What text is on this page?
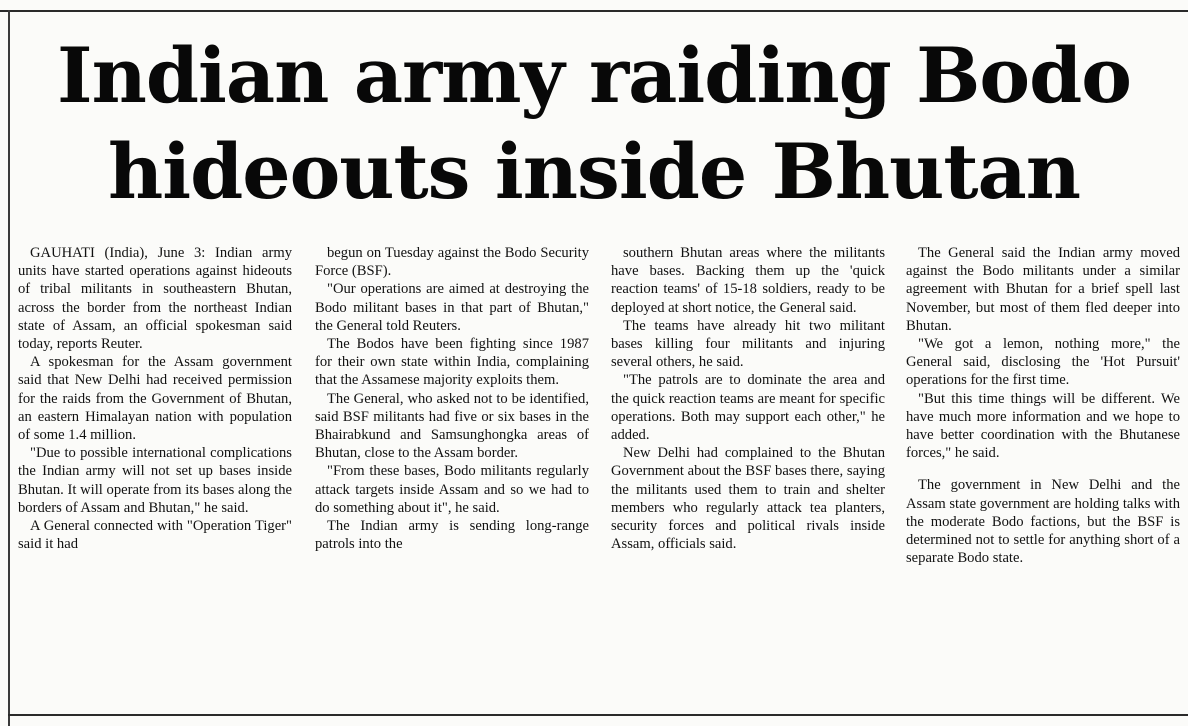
Indian army raiding Bodo
hideouts inside Bhutan

GAUHATI (India), June 3: Indian army units have started operations against hideouts of tribal militants in southeastern Bhutan, across the border from the northeast Indian state of Assam, an official spokesman said today, reports Reuter.

A spokesman for the Assam government said that New Delhi had received permission for the raids from the Government of Bhutan, an eastern Himalayan nation with population of some 1.4 million.

"Due to possible international complications the Indian army will not set up bases inside Bhutan. It will operate from its bases along the borders of Assam and Bhutan," he said.

A General connected with "Operation Tiger" said it had

begun on Tuesday against the Bodo Security Force (BSF).

"Our operations are aimed at destroying the Bodo militant bases in that part of Bhutan," the General told Reuters.

The Bodos have been fighting since 1987 for their own state within India, complaining that the Assamese majority exploits them.

The General, who asked not to be identified, said BSF militants had five or six bases in the Bhairabkund and Samsunghongka areas of Bhutan, close to the Assam border.

"From these bases, Bodo militants regularly attack targets inside Assam and so we had to do something about it", he said.

The Indian army is sending long-range patrols into the

southern Bhutan areas where the militants have bases. Backing them up the 'quick reaction teams' of 15-18 soldiers, ready to be deployed at short notice, the General said.

The teams have already hit two militant bases killing four militants and injuring several others, he said.

"The patrols are to dominate the area and the quick reaction teams are meant for specific operations. Both may support each other," he added.

New Delhi had complained to the Bhutan Government about the BSF bases there, saying the militants used them to train and shelter members who regularly attack tea planters, security forces and political rivals inside Assam, officials said.

The General said the Indian army moved against the Bodo militants under a similar agreement with Bhutan for a brief spell last November, but most of them fled deeper into Bhutan.

"We got a lemon, nothing more," the General said, disclosing the 'Hot Pursuit' operations for the first time.

"But this time things will be different. We have much more information and we hope to have better coordination with the Bhutanese forces," he said.

The government in New Delhi and the Assam state government are holding talks with the moderate Bodo factions, but the BSF is determined not to settle for anything short of a separate Bodo state.
